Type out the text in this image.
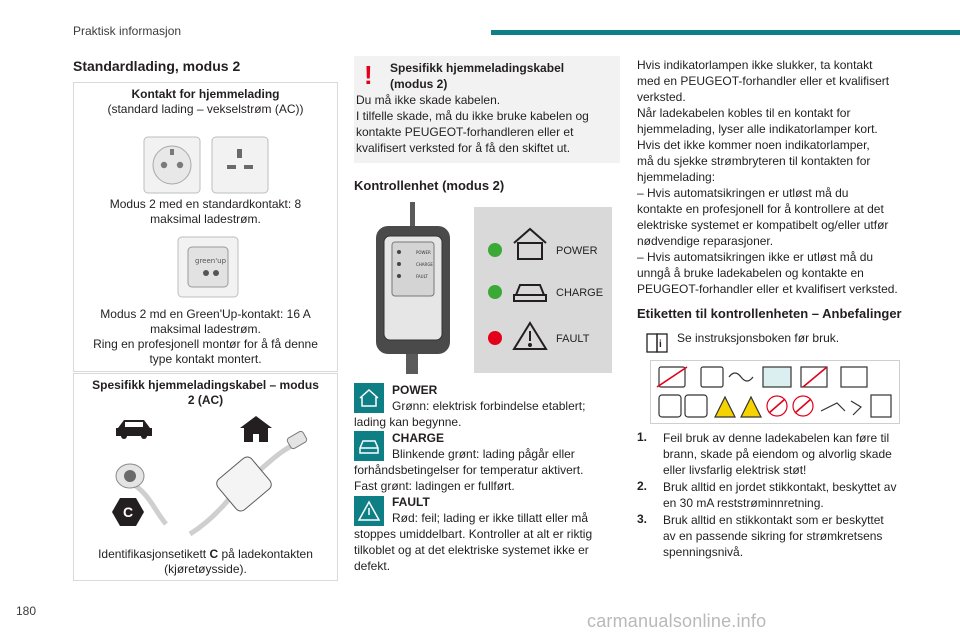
Praktisk informasjon
Standardlading, modus 2
Kontakt for hjemmelading
(standard lading – vekselstrøm (AC))
Modus 2 med en standardkontakt: 8
maksimal ladestrøm.
green'up
Modus 2 md en Green'Up-kontakt: 16 A
maksimal ladestrøm.
Ring en profesjonell montør for å få denne
type kontakt montert.
Spesifikk hjemmeladingskabel – modus
2 (AC)
C
Identifikasjonsetikett C på ladekontakten
(kjøretøysside).
! Spesifikk hjemmeladingskabel
(modus 2)
Du må ikke skade kabelen.
I tilfelle skade, må du ikke bruke kabelen og
kontakte PEUGEOT-forhandleren eller et
kvalifisert verksted for å få den skiftet ut.
Kontrollenhet (modus 2)
POWER
CHARGE
FAULT
POWER
CHARGE
FAULT
POWER
Grønn: elektrisk forbindelse etablert;
lading kan begynne.
CHARGE
Blinkende grønt: lading pågår eller
forhåndsbetingelser for temperatur aktivert.
Fast grønt: ladingen er fullført.
FAULT
Rød: feil; lading er ikke tillatt eller må
stoppes umiddelbart. Kontroller at alt er riktig
tilkoblet og at det elektriske systemet ikke er
defekt.
Hvis indikatorlampen ikke slukker, ta kontakt
med en PEUGEOT-forhandler eller et kvalifisert
verksted.
Når ladekabelen kobles til en kontakt for
hjemmelading, lyser alle indikatorlamper kort.
Hvis det ikke kommer noen indikatorlamper,
må du sjekke strømbryteren til kontakten for
hjemmelading:
– Hvis automatsikringen er utløst må du
kontakte en profesjonell for å kontrollere at det
elektriske systemet er kompatibelt og/eller utfør
nødvendige reparasjoner.
– Hvis automatsikringen ikke er utløst må du
unngå å bruke ladekabelen og kontakte en
PEUGEOT-forhandler eller et kvalifisert verksted.
Etiketten til kontrollenheten – Anbefalinger
i Se instruksjonsboken før bruk.
1. Feil bruk av denne ladekabelen kan føre til
brann, skade på eiendom og alvorlig skade
eller livsfarlig elektrisk støt!
2. Bruk alltid en jordet stikkontakt, beskyttet av
en 30 mA reststrøminnretning.
3. Bruk alltid en stikkontakt som er beskyttet
av en passende sikring for strømkretsens
spenningsnivå.
180	carmanualsonline.info
